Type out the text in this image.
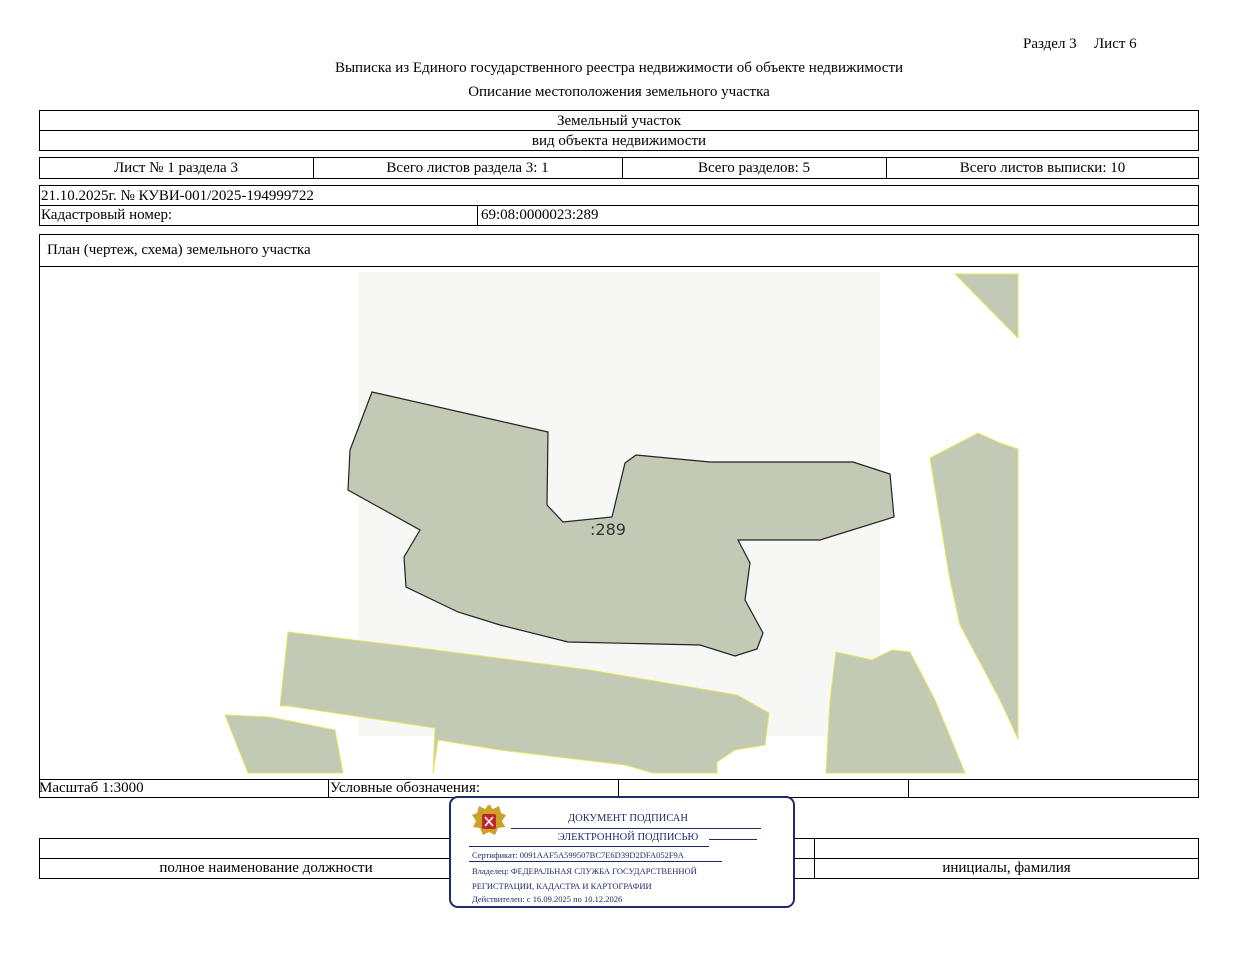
Раздел 3 Лист 6
Выписка из Единого государственного реестра недвижимости об объекте недвижимости
Описание местоположения земельного участка
Земельный участок
вид объекта недвижимости
Лист № 1 раздела 3	Всего листов раздела 3: 1	Всего разделов: 5	Всего листов выписки: 10
21.10.2025г. № КУВИ-001/2025-194999722
Кадастровый номер:	69:08:0000023:289
План (чертеж, схема) земельного участка
:289
Масштаб 1:3000	Условные обозначения:
полное наименование должности	инициалы, фамилия
ДОКУМЕНТ ПОДПИСАН
ЭЛЕКТРОННОЙ ПОДПИСЬЮ
Сертификат: 0091AAF5A599507BC7E6D39D2DFA052F9A
Владелец: ФЕДЕРАЛЬНАЯ СЛУЖБА ГОСУДАРСТВЕННОЙ
РЕГИСТРАЦИИ, КАДАСТРА И КАРТОГРАФИИ
Действителен: с 16.09.2025 по 10.12.2026
